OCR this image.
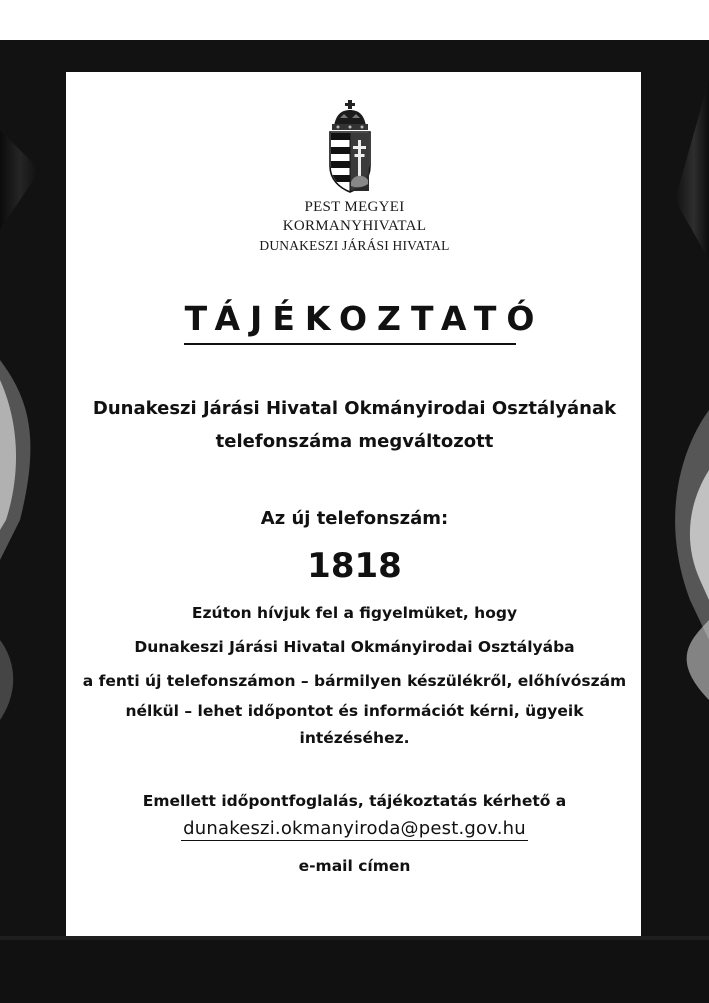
PEST MEGYEI
KORMANYHIVATAL
DUNAKESZI JÁRÁSI HIVATAL
TÁJÉKOZTATÓ
Dunakeszi Járási Hivatal Okmányirodai Osztályának
telefonszáma megváltozott
Az új telefonszám:
1818
Ezúton hívjuk fel a figyelmüket, hogy
Dunakeszi Járási Hivatal Okmányirodai Osztályába
a fenti új telefonszámon – bármilyen készülékről, előhívószám
nélkül – lehet időpontot és információt kérni, ügyeik
intézéséhez.
Emellett időpontfoglalás, tájékoztatás kérhető a
dunakeszi.okmanyiroda@pest.gov.hu
e-mail címen
